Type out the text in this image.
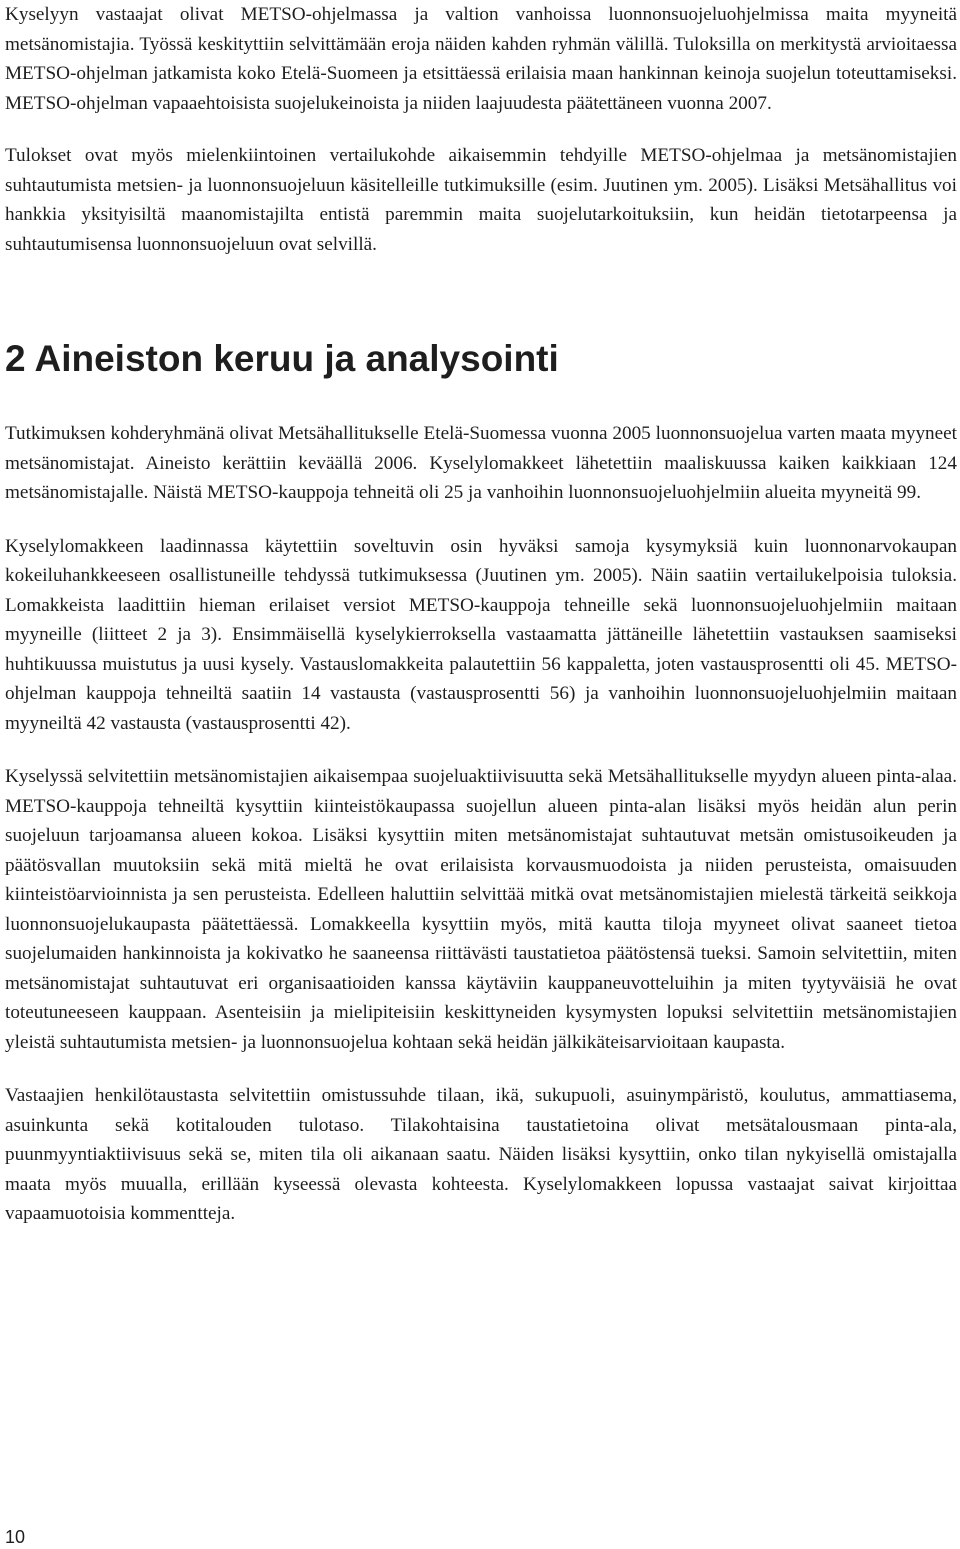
Kyselyyn vastaajat olivat METSO-ohjelmassa ja valtion vanhoissa luonnonsuojeluohjelmissa maita myyneitä metsänomistajia. Työssä keskityttiin selvittämään eroja näiden kahden ryhmän välillä. Tuloksilla on merkitystä arvioitaessa METSO-ohjelman jatkamista koko Etelä-Suomeen ja etsittäessä erilaisia maan hankinnan keinoja suojelun toteuttamiseksi. METSO-ohjelman vapaaehtoisista suojelukeinoista ja niiden laajuudesta päätettäneen vuonna 2007.

Tulokset ovat myös mielenkiintoinen vertailukohde aikaisemmin tehdyille METSO-ohjelmaa ja metsänomistajien suhtautumista metsien- ja luonnonsuojeluun käsitelleille tutkimuksille (esim. Juutinen ym. 2005). Lisäksi Metsähallitus voi hankkia yksityisiltä maanomistajilta entistä paremmin maita suojelutarkoituksiin, kun heidän tietotarpeensa ja suhtautumisensa luonnonsuojeluun ovat selvillä.

2 Aineiston keruu ja analysointi

Tutkimuksen kohderyhmänä olivat Metsähallitukselle Etelä-Suomessa vuonna 2005 luonnonsuojelua varten maata myyneet metsänomistajat. Aineisto kerättiin keväällä 2006. Kyselylomakkeet lähetettiin maaliskuussa kaiken kaikkiaan 124 metsänomistajalle. Näistä METSO-kauppoja tehneitä oli 25 ja vanhoihin luonnonsuojeluohjelmiin alueita myyneitä 99.

Kyselylomakkeen laadinnassa käytettiin soveltuvin osin hyväksi samoja kysymyksiä kuin luonnonarvokaupan kokeiluhankkeeseen osallistuneille tehdyssä tutkimuksessa (Juutinen ym. 2005). Näin saatiin vertailukelpoisia tuloksia. Lomakkeista laadittiin hieman erilaiset versiot METSO-kauppoja tehneille sekä luonnonsuojeluohjelmiin maitaan myyneille (liitteet 2 ja 3). Ensimmäisellä kyselykierroksella vastaamatta jättäneille lähetettiin vastauksen saamiseksi huhtikuussa muistutus ja uusi kysely. Vastauslomakkeita palautettiin 56 kappaletta, joten vastausprosentti oli 45. METSO-ohjelman kauppoja tehneiltä saatiin 14 vastausta (vastausprosentti 56) ja vanhoihin luonnonsuojeluohjelmiin maitaan myyneiltä 42 vastausta (vastausprosentti 42).

Kyselyssä selvitettiin metsänomistajien aikaisempaa suojeluaktiivisuutta sekä Metsähallitukselle myydyn alueen pinta-alaa. METSO-kauppoja tehneiltä kysyttiin kiinteistökaupassa suojellun alueen pinta-alan lisäksi myös heidän alun perin suojeluun tarjoamansa alueen kokoa. Lisäksi kysyttiin miten metsänomistajat suhtautuvat metsän omistusoikeuden ja päätösvallan muutoksiin sekä mitä mieltä he ovat erilaisista korvausmuodoista ja niiden perusteista, omaisuuden kiinteistöarvioinnista ja sen perusteista. Edelleen haluttiin selvittää mitkä ovat metsänomistajien mielestä tärkeitä seikkoja luonnonsuojelukaupasta päätettäessä. Lomakkeella kysyttiin myös, mitä kautta tiloja myyneet olivat saaneet tietoa suojelumaiden hankinnoista ja kokivatko he saaneensa riittävästi taustatietoa päätöstensä tueksi. Samoin selvitettiin, miten metsänomistajat suhtautuvat eri organisaatioiden kanssa käytäviin kauppaneuvotteluihin ja miten tyytyväisiä he ovat toteutuneeseen kauppaan. Asenteisiin ja mielipiteisiin keskittyneiden kysymysten lopuksi selvitettiin metsänomistajien yleistä suhtautumista metsien- ja luonnonsuojelua kohtaan sekä heidän jälkikäteisarvioitaan kaupasta.

Vastaajien henkilötaustasta selvitettiin omistussuhde tilaan, ikä, sukupuoli, asuinympäristö, koulutus, ammattiasema, asuinkunta sekä kotitalouden tulotaso. Tilakohtaisina taustatietoina olivat metsätalousmaan pinta-ala, puunmyyntiaktiivisuus sekä se, miten tila oli aikanaan saatu. Näiden lisäksi kysyttiin, onko tilan nykyisellä omistajalla maata myös muualla, erillään kyseessä olevasta kohteesta. Kyselylomakkeen lopussa vastaajat saivat kirjoittaa vapaamuotoisia kommentteja.

10
